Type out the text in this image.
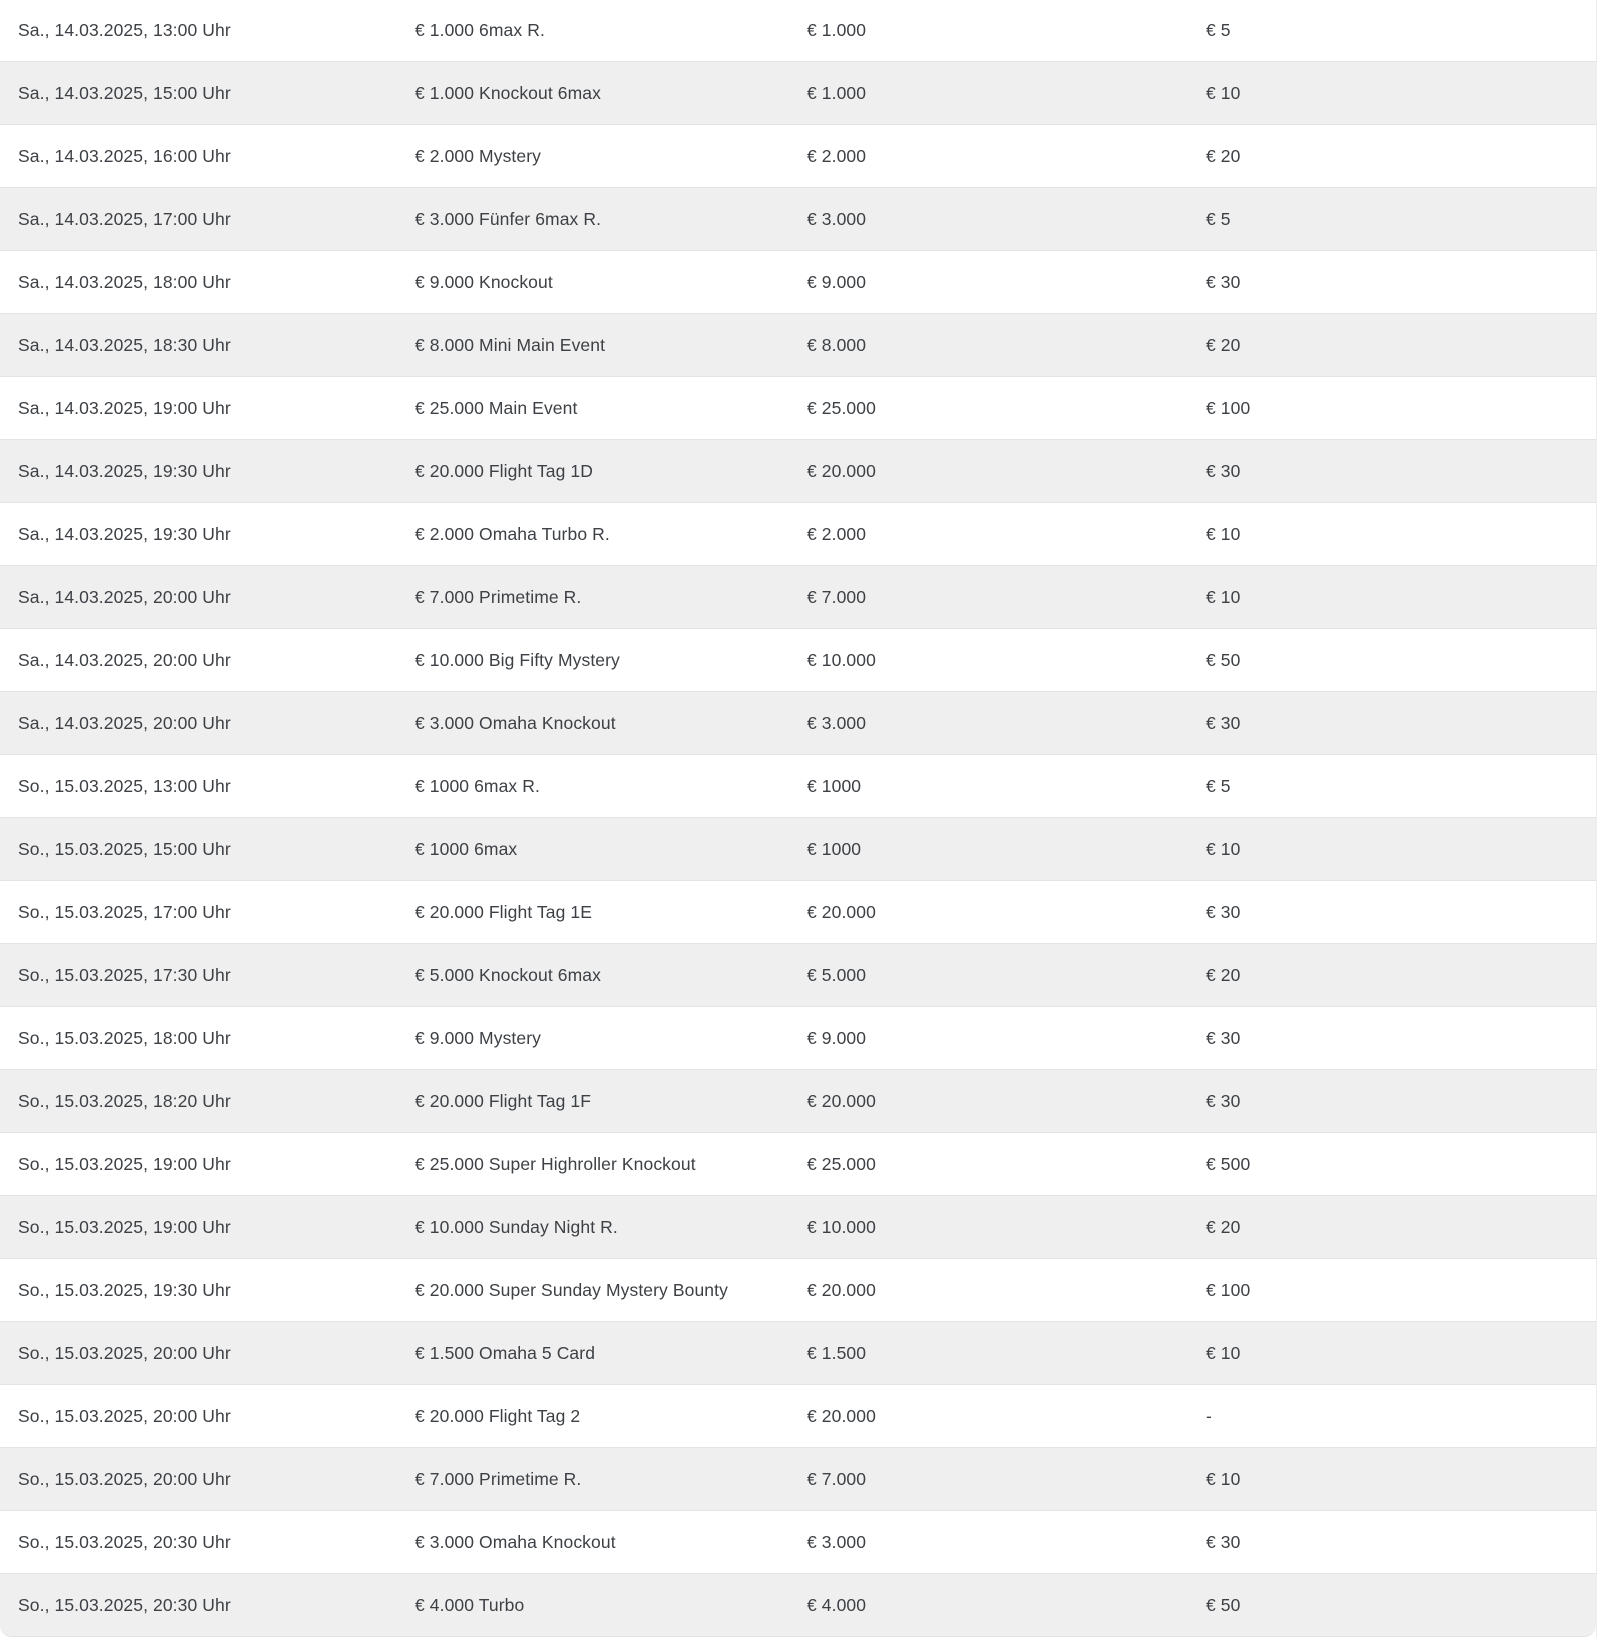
Sa., 14.03.2025, 13:00 Uhr	€ 1.000 6max R.	€ 1.000	€ 5
Sa., 14.03.2025, 15:00 Uhr	€ 1.000 Knockout 6max	€ 1.000	€ 10
Sa., 14.03.2025, 16:00 Uhr	€ 2.000 Mystery	€ 2.000	€ 20
Sa., 14.03.2025, 17:00 Uhr	€ 3.000 Fünfer 6max R.	€ 3.000	€ 5
Sa., 14.03.2025, 18:00 Uhr	€ 9.000 Knockout	€ 9.000	€ 30
Sa., 14.03.2025, 18:30 Uhr	€ 8.000 Mini Main Event	€ 8.000	€ 20
Sa., 14.03.2025, 19:00 Uhr	€ 25.000 Main Event	€ 25.000	€ 100
Sa., 14.03.2025, 19:30 Uhr	€ 20.000 Flight Tag 1D	€ 20.000	€ 30
Sa., 14.03.2025, 19:30 Uhr	€ 2.000 Omaha Turbo R.	€ 2.000	€ 10
Sa., 14.03.2025, 20:00 Uhr	€ 7.000 Primetime R.	€ 7.000	€ 10
Sa., 14.03.2025, 20:00 Uhr	€ 10.000 Big Fifty Mystery	€ 10.000	€ 50
Sa., 14.03.2025, 20:00 Uhr	€ 3.000 Omaha Knockout	€ 3.000	€ 30
So., 15.03.2025, 13:00 Uhr	€ 1000 6max R.	€ 1000	€ 5
So., 15.03.2025, 15:00 Uhr	€ 1000 6max	€ 1000	€ 10
So., 15.03.2025, 17:00 Uhr	€ 20.000 Flight Tag 1E	€ 20.000	€ 30
So., 15.03.2025, 17:30 Uhr	€ 5.000 Knockout 6max	€ 5.000	€ 20
So., 15.03.2025, 18:00 Uhr	€ 9.000 Mystery	€ 9.000	€ 30
So., 15.03.2025, 18:20 Uhr	€ 20.000 Flight Tag 1F	€ 20.000	€ 30
So., 15.03.2025, 19:00 Uhr	€ 25.000 Super Highroller Knockout	€ 25.000	€ 500
So., 15.03.2025, 19:00 Uhr	€ 10.000 Sunday Night R.	€ 10.000	€ 20
So., 15.03.2025, 19:30 Uhr	€ 20.000 Super Sunday Mystery Bounty	€ 20.000	€ 100
So., 15.03.2025, 20:00 Uhr	€ 1.500 Omaha 5 Card	€ 1.500	€ 10
So., 15.03.2025, 20:00 Uhr	€ 20.000 Flight Tag 2	€ 20.000	-
So., 15.03.2025, 20:00 Uhr	€ 7.000 Primetime R.	€ 7.000	€ 10
So., 15.03.2025, 20:30 Uhr	€ 3.000 Omaha Knockout	€ 3.000	€ 30
So., 15.03.2025, 20:30 Uhr	€ 4.000 Turbo	€ 4.000	€ 50
